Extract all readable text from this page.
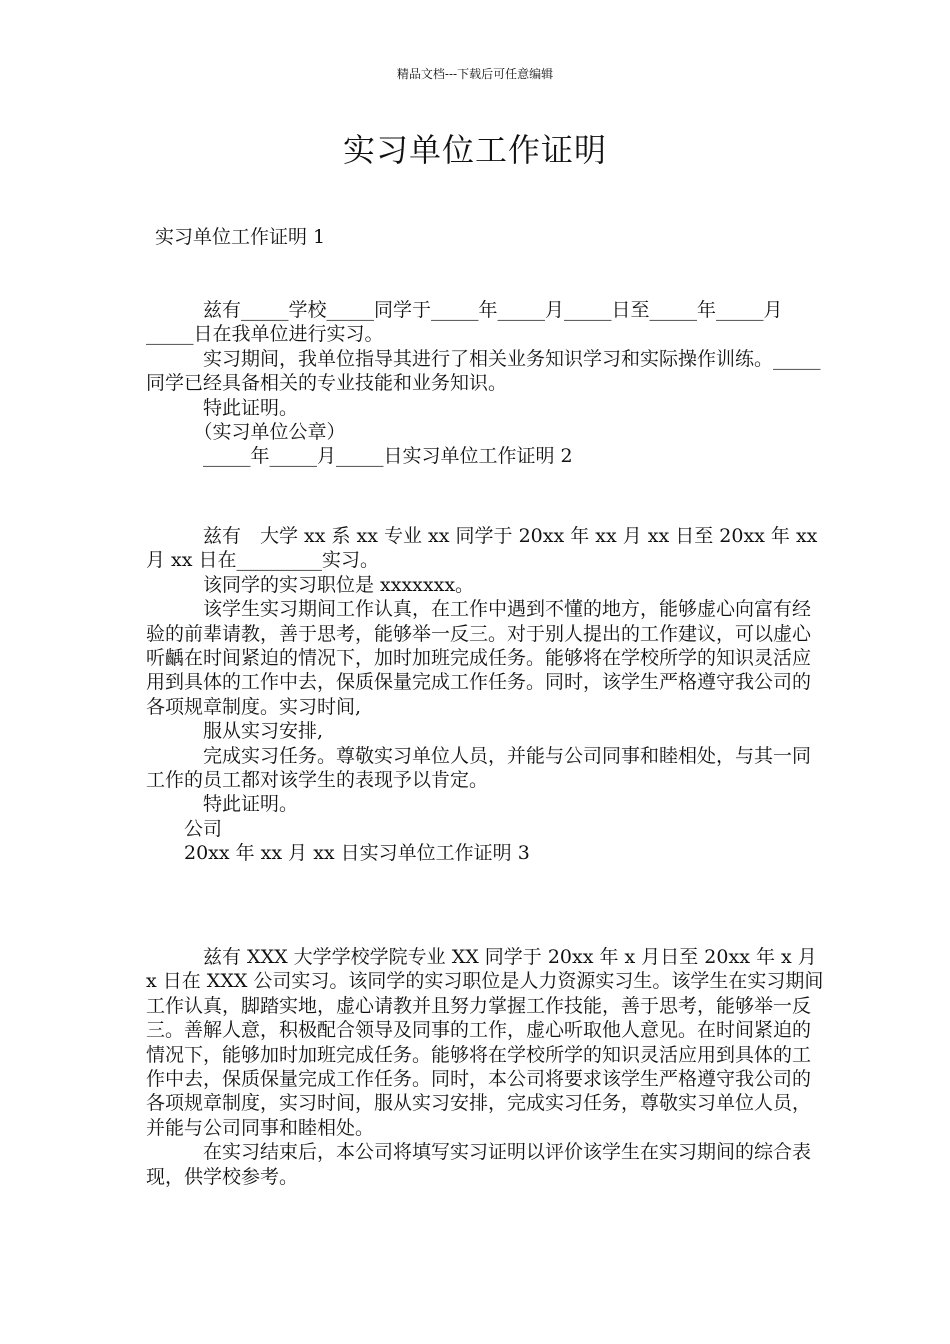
精品文档---下载后可任意编辑
实习单位工作证明
实习单位工作证明 1

　　　兹有_____学校_____同学于_____年_____月_____日至_____年_____月_____日在我单位进行实习。

　　　实习期间，我单位指导其进行了相关业务知识学习和实际操作训练。_____同学已经具备相关的专业技能和业务知识。

　　　特此证明。

　　　（实习单位公章）

　　　_____年_____月_____日实习单位工作证明 2

　　　兹有　大学 xx 系 xx 专业 xx 同学于 20xx 年 xx 月 xx 日至 20xx 年 xx 月 xx 日在_________实习。

　　　该同学的实习职位是 xxxxxxx。

　　　该学生实习期间工作认真，在工作中遇到不懂的地方，能够虚心向富有经验的前辈请教，善于思考，能够举一反三。对于别人提出的工作建议，可以虚心听齲在时间紧迫的情况下，加时加班完成任务。能够将在学校所学的知识灵活应用到具体的工作中去，保质保量完成工作任务。同时，该学生严格遵守我公司的各项规章制度。实习时间,

　　　服从实习安排,

　　　完成实习任务。尊敬实习单位人员，并能与公司同事和睦相处，与其一同工作的员工都对该学生的表现予以肯定。

　　　特此证明。

　　公司

　　20xx 年 xx 月 xx 日实习单位工作证明 3

　　　兹有 XXX 大学学校学院专业 XX 同学于 20xx 年 x 月日至 20xx 年 x 月 x 日在 XXX 公司实习。该同学的实习职位是人力资源实习生。该学生在实习期间工作认真，脚踏实地，虚心请教并且努力掌握工作技能，善于思考，能够举一反三。善解人意，积极配合领导及同事的工作，虚心听取他人意见。在时间紧迫的情况下，能够加时加班完成任务。能够将在学校所学的知识灵活应用到具体的工作中去，保质保量完成工作任务。同时，本公司将要求该学生严格遵守我公司的各项规章制度，实习时间，服从实习安排，完成实习任务，尊敬实习单位人员，并能与公司同事和睦相处。

　　　在实习结束后，本公司将填写实习证明以评价该学生在实习期间的综合表现，供学校参考。
